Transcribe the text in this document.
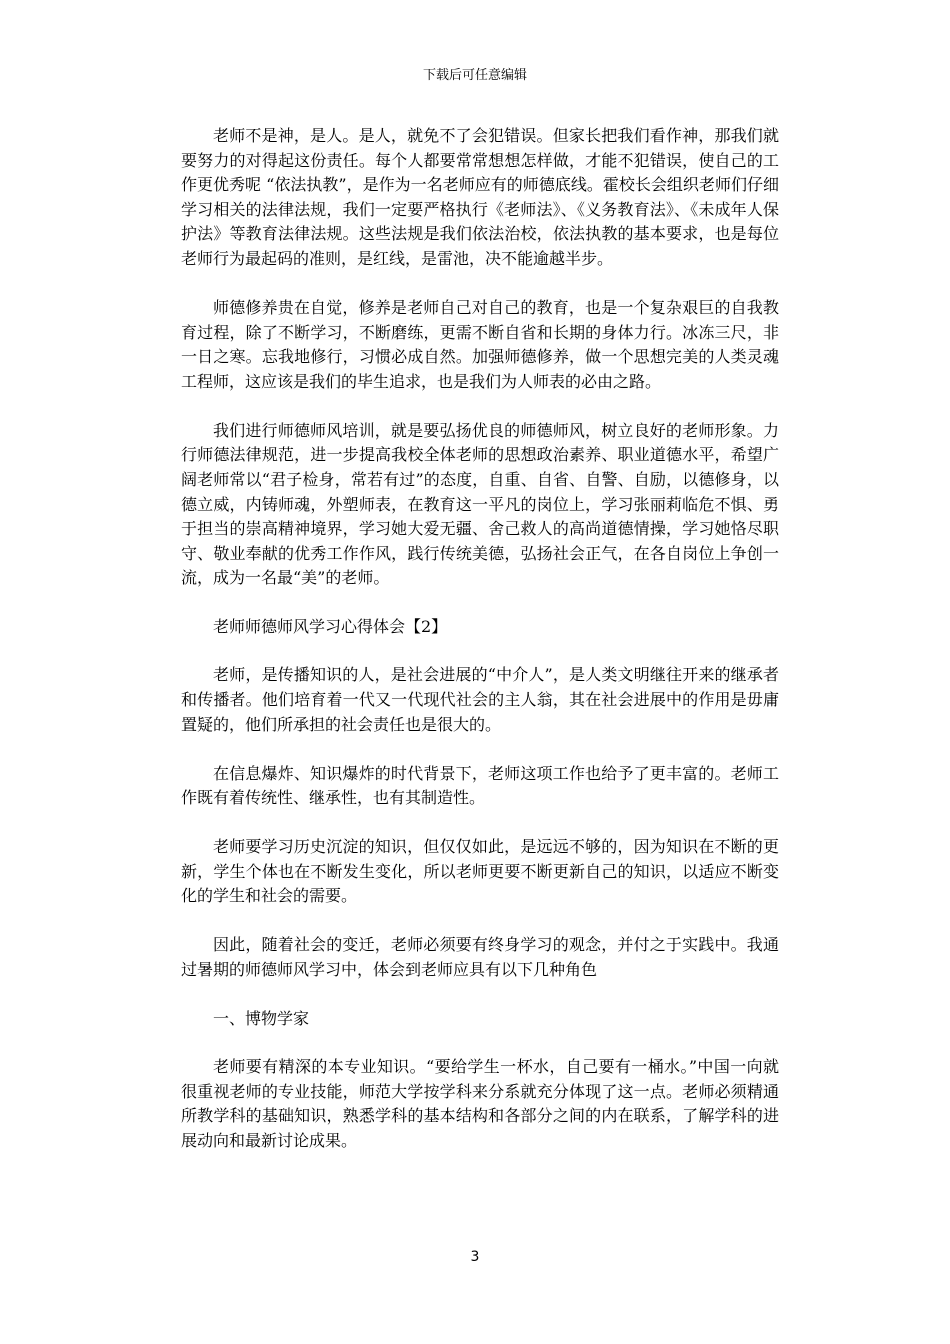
下载后可任意编辑

老师不是神，是人。是人，就免不了会犯错误。但家长把我们看作神，那我们就要努力的对得起这份责任。每个人都要常常想想怎样做，才能不犯错误，使自己的工作更优秀呢 “依法执教”，是作为一名老师应有的师德底线。霍校长会组织老师们仔细学习相关的法律法规，我们一定要严格执行《老师法》、《义务教育法》、《未成年人保护法》等教育法律法规。这些法规是我们依法治校，依法执教的基本要求，也是每位老师行为最起码的准则，是红线，是雷池，决不能逾越半步。

师德修养贵在自觉，修养是老师自己对自己的教育，也是一个复杂艰巨的自我教育过程，除了不断学习，不断磨练，更需不断自省和长期的身体力行。冰冻三尺，非 一日之寒。忘我地修行，习惯必成自然。加强师德修养，做一个思想完美的人类灵魂工程师，这应该是我们的毕生追求，也是我们为人师表的必由之路。

我们进行师德师风培训，就是要弘扬优良的师德师风，树立良好的老师形象。力行师德法律规范，进一步提高我校全体老师的思想政治素养、职业道德水平，希望广阔老师常以“君子检身，常若有过”的态度，自重、自省、自警、自励，以德修身，以德立威，内铸师魂，外塑师表，在教育这一平凡的岗位上，学习张丽莉临危不惧、勇于担当的崇高精神境界，学习她大爱无疆、舍己救人的高尚道德情操，学习她恪尽职守、敬业奉献的优秀工作作风，践行传统美德，弘扬社会正气，在各自岗位上争创一流，成为一名最“美”的老师。

老师师德师风学习心得体会【2】

老师，是传播知识的人，是社会进展的“中介人”，是人类文明继往开来的继承者和传播者。他们培育着一代又一代现代社会的主人翁，其在社会进展中的作用是毋庸置疑的，他们所承担的社会责任也是很大的。

在信息爆炸、知识爆炸的时代背景下，老师这项工作也给予了更丰富的。老师工作既有着传统性、继承性，也有其制造性。

老师要学习历史沉淀的知识，但仅仅如此，是远远不够的，因为知识在不断的更新，学生个体也在不断发生变化，所以老师更要不断更新自己的知识，以适应不断变化的学生和社会的需要。

因此，随着社会的变迁，老师必须要有终身学习的观念，并付之于实践中。我通过暑期的师德师风学习中，体会到老师应具有以下几种角色

一、博物学家

老师要有精深的本专业知识。“要给学生一杯水，自己要有一桶水。”中国一向就很重视老师的专业技能，师范大学按学科来分系就充分体现了这一点。老师必须精通所教学科的基础知识，熟悉学科的基本结构和各部分之间的内在联系，了解学科的进展动向和最新讨论成果。

3
